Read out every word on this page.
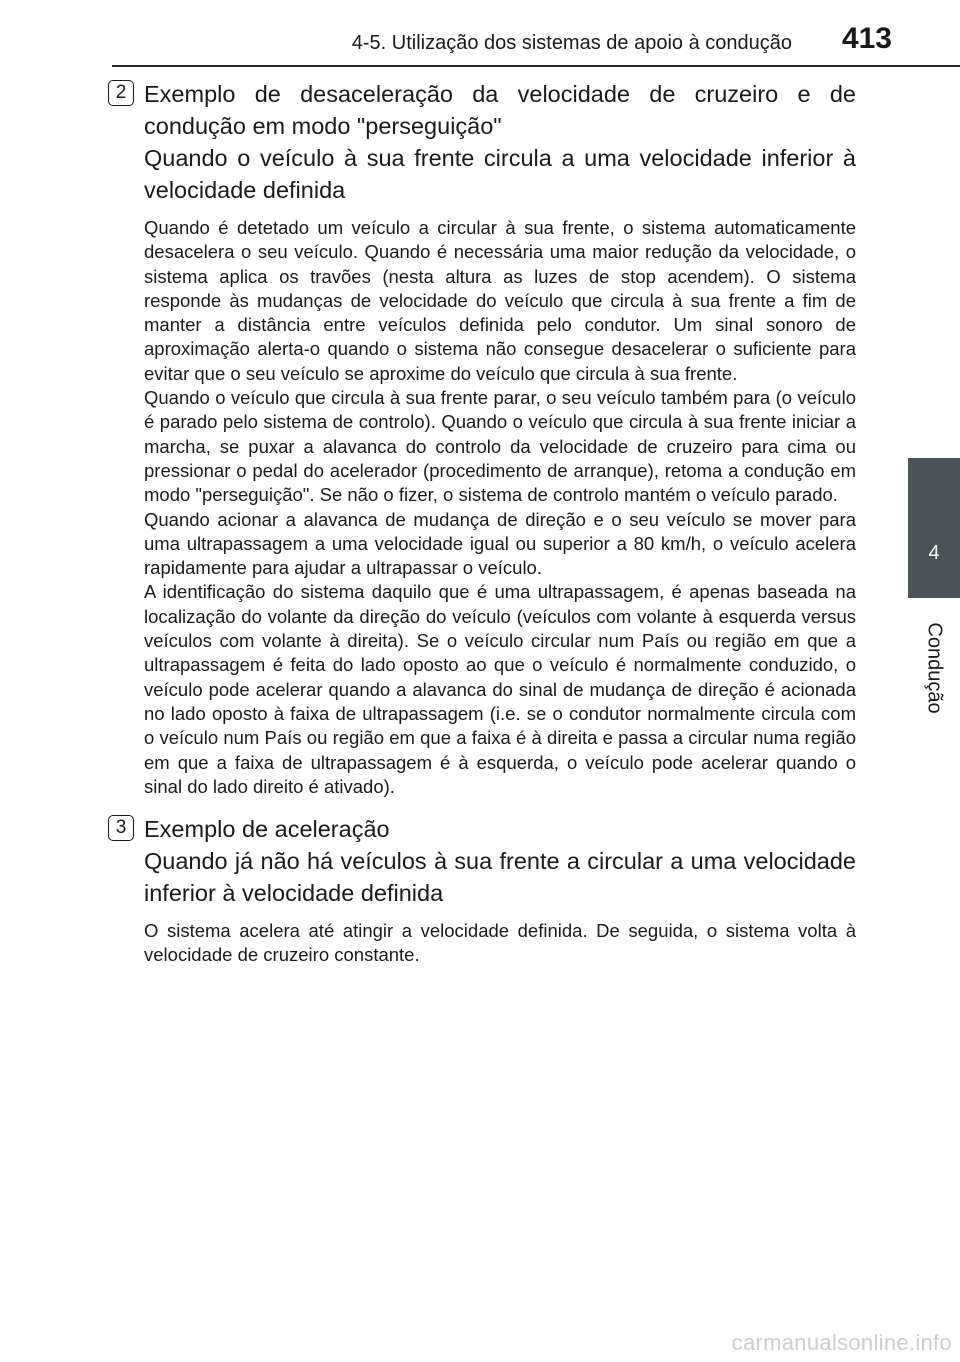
4-5. Utilização dos sistemas de apoio à condução 413
4
Condução
2 Exemplo de desaceleração da velocidade de cruzeiro e de condução em modo "perseguição"

Quando o veículo à sua frente circula a uma velocidade inferior à velocidade definida

Quando é detetado um veículo a circular à sua frente, o sistema automaticamente desacelera o seu veículo. Quando é necessária uma maior redução da velocidade, o sistema aplica os travões (nesta altura as luzes de stop acendem). O sistema responde às mudanças de velocidade do veículo que circula à sua frente a fim de manter a distância entre veículos definida pelo condutor. Um sinal sonoro de aproximação alerta-o quando o sistema não consegue desacelerar o suficiente para evitar que o seu veículo se aproxime do veículo que circula à sua frente.

Quando o veículo que circula à sua frente parar, o seu veículo também para (o veículo é parado pelo sistema de controlo). Quando o veículo que circula à sua frente iniciar a marcha, se puxar a alavanca do controlo da velocidade de cruzeiro para cima ou pressionar o pedal do acelerador (procedimento de arranque), retoma a condução em modo "perseguição". Se não o fizer, o sistema de controlo mantém o veículo parado.

Quando acionar a alavanca de mudança de direção e o seu veículo se mover para uma ultrapassagem a uma velocidade igual ou superior a 80 km/h, o veículo acelera rapidamente para ajudar a ultrapassar o veículo.

A identificação do sistema daquilo que é uma ultrapassagem, é apenas baseada na localização do volante da direção do veículo (veículos com volante à esquerda versus veículos com volante à direita). Se o veículo circular num País ou região em que a ultrapassagem é feita do lado oposto ao que o veículo é normalmente conduzido, o veículo pode acelerar quando a alavanca do sinal de mudança de direção é acionada no lado oposto à faixa de ultrapassagem (i.e. se o condutor normalmente circula com o veículo num País ou região em que a faixa é à direita e passa a circular numa região em que a faixa de ultrapassagem é à esquerda, o veículo pode acelerar quando o sinal do lado direito é ativado).

3 Exemplo de aceleração

Quando já não há veículos à sua frente a circular a uma velocidade inferior à velocidade definida

O sistema acelera até atingir a velocidade definida. De seguida, o sistema volta à velocidade de cruzeiro constante.

carmanualsonline.info
